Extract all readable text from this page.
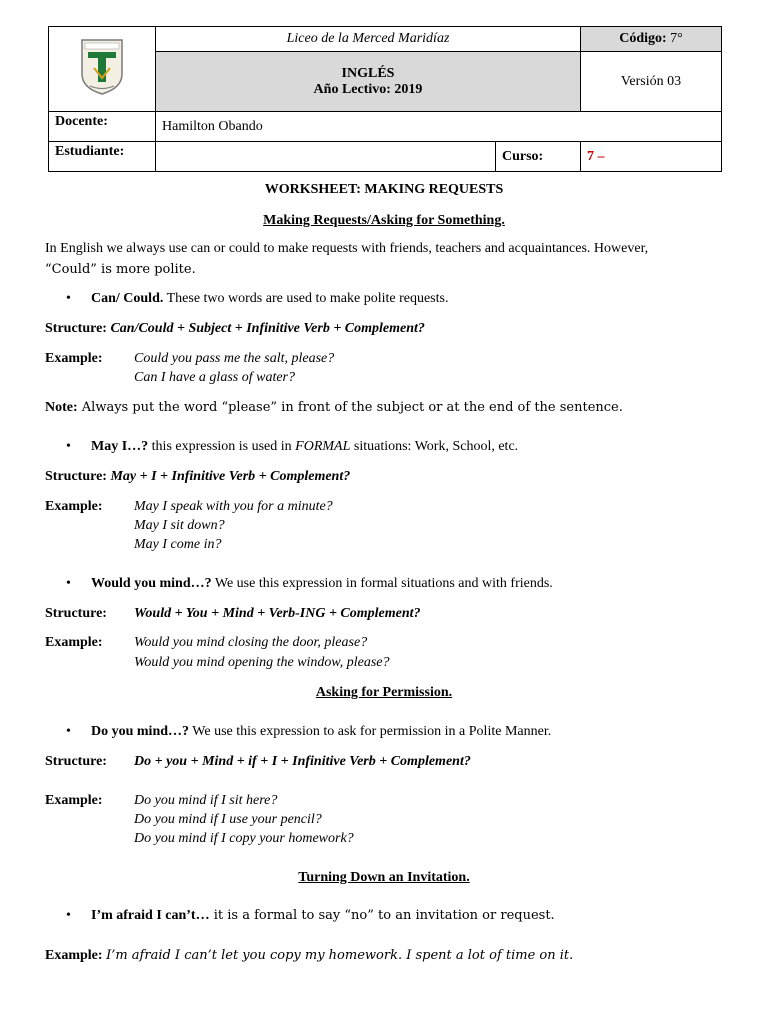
	Liceo de la Merced Maridíaz		Código: 7°

	INGLÉS
Año Lectivo: 2019		Versión 03
Docente:	Hamilton Obando		
Estudiante:		Curso:	7 –
WORKSHEET: MAKING REQUESTS
Making Requests/Asking for Something.
In English we always use can or could to make requests with friends, teachers and acquaintances. However,
“Could” is more polite.
• Can/ Could. These two words are used to make polite requests.
Structure: Can/Could + Subject + Infinitive Verb + Complement?
Example: Could you pass me the salt, please?
Can I have a glass of water?
Note: Always put the word “please” in front of the subject or at the end of the sentence.
• May I…? this expression is used in FORMAL situations: Work, School, etc.
Structure: May + I + Infinitive Verb + Complement?
Example: May I speak with you for a minute?
May I sit down?
May I come in?
• Would you mind…? We use this expression in formal situations and with friends.
Structure: Would + You + Mind + Verb-ING + Complement?
Example: Would you mind closing the door, please?
Would you mind opening the window, please?
Asking for Permission.
• Do you mind…? We use this expression to ask for permission in a Polite Manner.
Structure: Do + you + Mind + if + I + Infinitive Verb + Complement?
Example: Do you mind if I sit here?
Do you mind if I use your pencil?
Do you mind if I copy your homework?
Turning Down an Invitation.
• I’m afraid I can’t… it is a formal to say “no” to an invitation or request.
Example: I’m afraid I can’t let you copy my homework. I spent a lot of time on it.
